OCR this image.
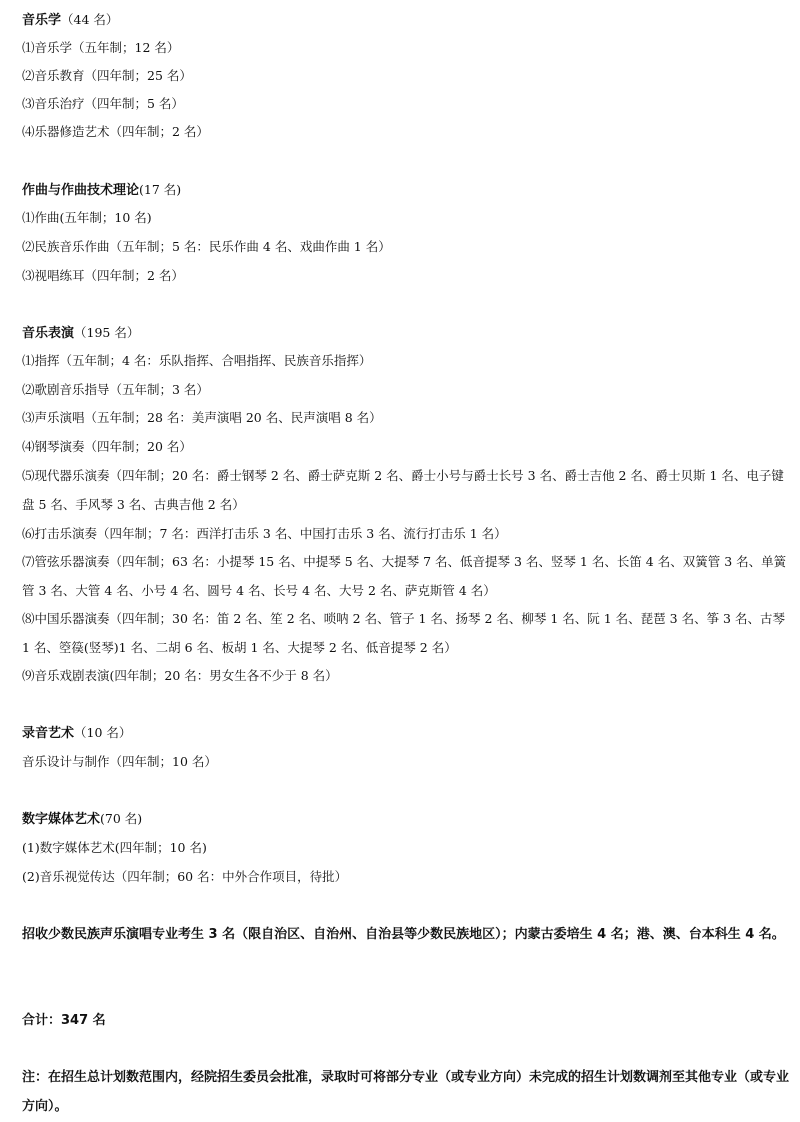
音乐学（44 名）
⑴音乐学（五年制；12 名）
⑵音乐教育（四年制；25 名）
⑶音乐治疗（四年制；5 名）
⑷乐器修造艺术（四年制；2 名）
作曲与作曲技术理论(17 名)
⑴作曲(五年制；10 名)
⑵民族音乐作曲（五年制；5 名：民乐作曲 4 名、戏曲作曲 1 名）
⑶视唱练耳（四年制；2 名）
音乐表演（195 名）
⑴指挥（五年制；4 名：乐队指挥、合唱指挥、民族音乐指挥）
⑵歌剧音乐指导（五年制；3 名）
⑶声乐演唱（五年制；28 名：美声演唱 20 名、民声演唱 8 名）
⑷钢琴演奏（四年制；20 名）
⑸现代器乐演奏（四年制；20 名：爵士钢琴 2 名、爵士萨克斯 2 名、爵士小号与爵士长号 3 名、爵士吉他 2 名、爵士贝斯 1 名、电子键盘 5 名、手风琴 3 名、古典吉他 2 名）
⑹打击乐演奏（四年制；7 名：西洋打击乐 3 名、中国打击乐 3 名、流行打击乐 1 名）
⑺管弦乐器演奏（四年制；63 名：小提琴 15 名、中提琴 5 名、大提琴 7 名、低音提琴 3 名、竖琴 1 名、长笛 4 名、双簧管 3 名、单簧管 3 名、大管 4 名、小号 4 名、圆号 4 名、长号 4 名、大号 2 名、萨克斯管 4 名）
⑻中国乐器演奏（四年制；30 名：笛 2 名、笙 2 名、唢呐 2 名、管子 1 名、扬琴 2 名、柳琴 1 名、阮 1 名、琵琶 3 名、筝 3 名、古琴 1 名、箜篌(竖琴)1 名、二胡 6 名、板胡 1 名、大提琴 2 名、低音提琴 2 名）
⑼音乐戏剧表演(四年制；20 名：男女生各不少于 8 名）
录音艺术（10 名）
音乐设计与制作（四年制；10 名）
数字媒体艺术(70 名)
(1)数字媒体艺术(四年制；10 名)
(2)音乐视觉传达（四年制；60 名：中外合作项目，待批）
招收少数民族声乐演唱专业考生 3 名（限自治区、自治州、自治县等少数民族地区）；内蒙古委培生 4 名；港、澳、台本科生 4 名。
合计：347 名
注：在招生总计划数范围内，经院招生委员会批准，录取时可将部分专业（或专业方向）未完成的招生计划数调剂至其他专业（或专业方向）。
